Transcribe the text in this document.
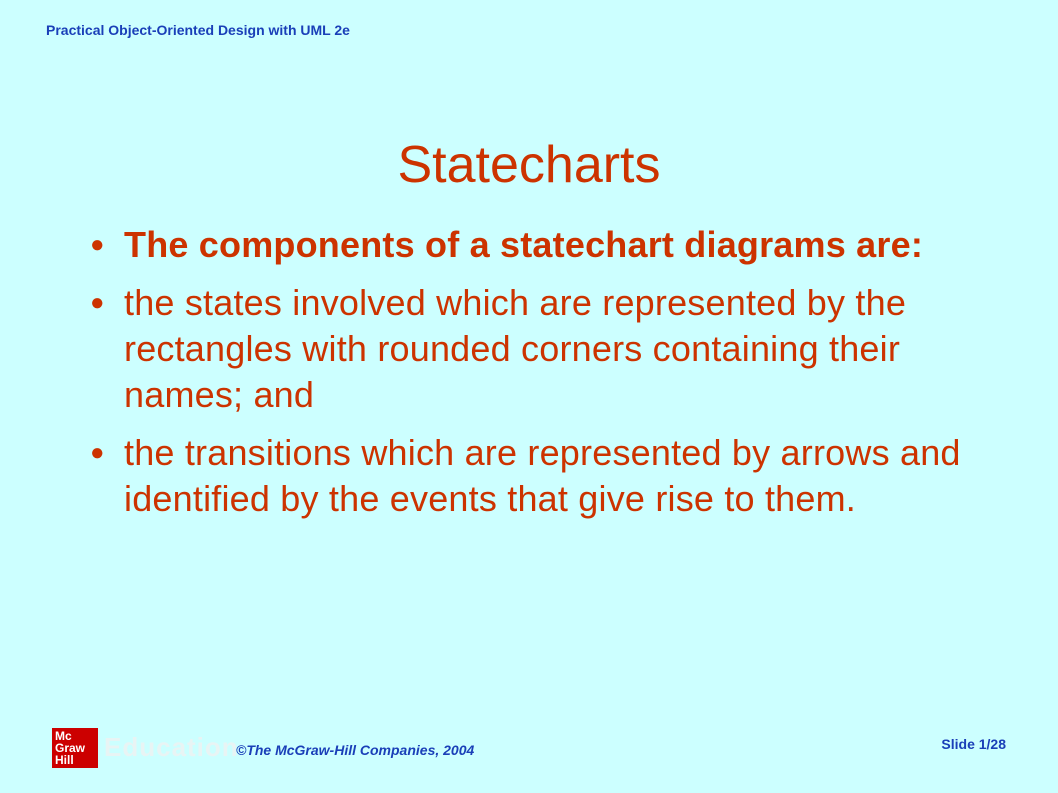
Practical Object-Oriented Design with UML 2e
Statecharts
● The components of a statechart diagrams are:
● the states involved which are represented by the rectangles with rounded corners containing their names; and
● the transitions which are represented by arrows and identified by the events that give rise to them.
Mc Graw Hill	Education
©The McGraw-Hill Companies, 2004	Slide 1/28
